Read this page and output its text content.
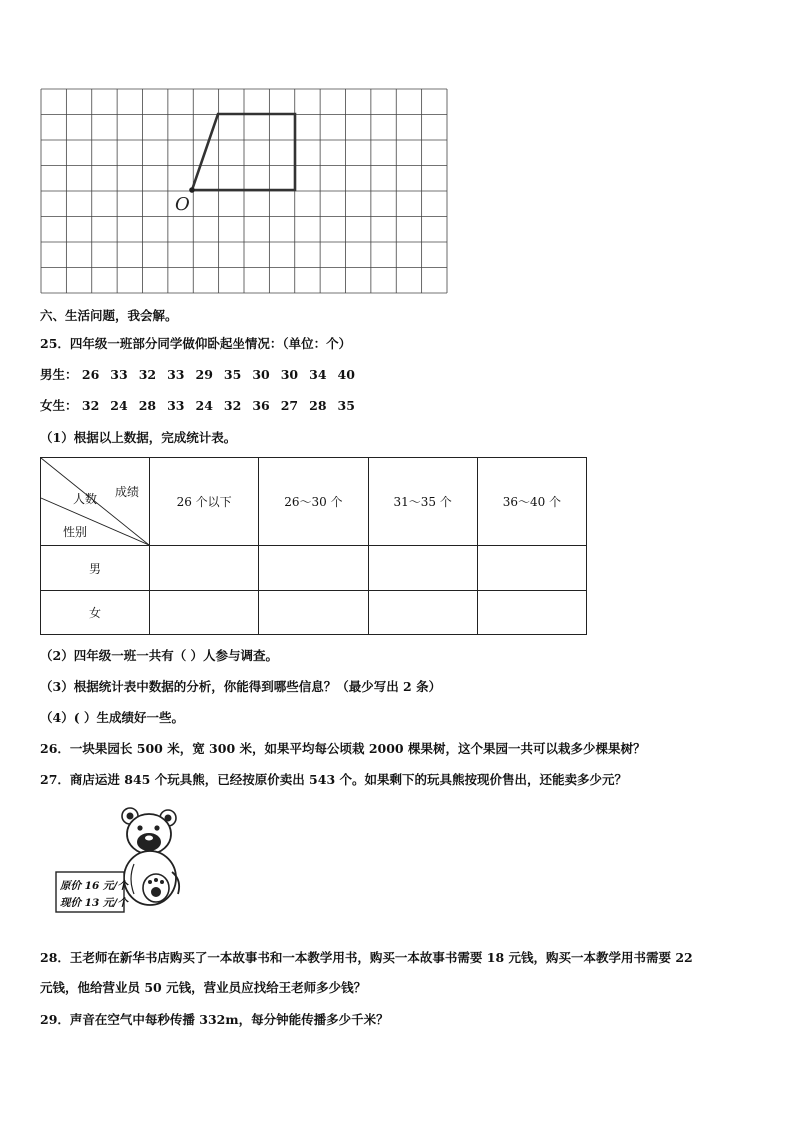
O
六、生活问题，我会解。
25．四年级一班部分同学做仰卧起坐情况：（单位：个）
男生： 26 33 32 33 29 35 30 30 34 40
女生： 32 24 28 33 24 32 36 27 28 35
（1）根据以上数据，完成统计表。
成绩
人数
性别	26 个以下	26～30 个	31～35 个	36～40 个
男				
女				
（2）四年级一班一共有（ ）人参与调查。
（3）根据统计表中数据的分析，你能得到哪些信息？（最少写出 2 条）
（4）( ）生成绩好一些。
26．一块果园长 500 米，宽 300 米，如果平均每公顷栽 2000 棵果树，这个果园一共可以栽多少棵果树？
27．商店运进 845 个玩具熊，已经按原价卖出 543 个。如果剩下的玩具熊按现价售出，还能卖多少元？
原价 16 元/个
现价 13 元/个
28．王老师在新华书店购买了一本故事书和一本教学用书，购买一本故事书需要 18 元钱，购买一本教学用书需要 22
元钱，他给营业员 50 元钱，营业员应找给王老师多少钱？
29．声音在空气中每秒传播 332m，每分钟能传播多少千米？
